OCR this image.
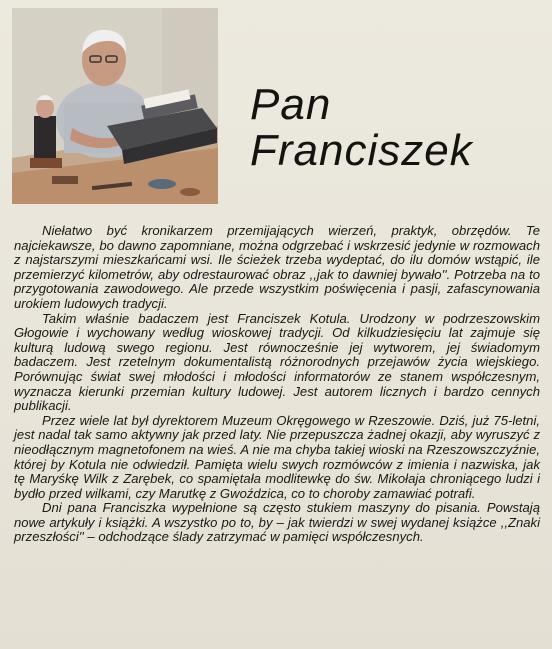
Pan
Franciszek

Niełatwo być kronikarzem przemijających wierzeń, praktyk, obrzędów. Te najciekawsze, bo dawno zapomniane, można odgrzebać i wskrzesić jedynie w rozmowach z najstarszymi mieszkańcami wsi. Ile ścieżek trzeba wydeptać, do ilu domów wstąpić, ile przemierzyć kilometrów, aby odrestaurować obraz ,,jak to dawniej bywało''. Potrzeba na to przygotowania zawodowego. Ale przede wszystkim poświęcenia i pasji, zafascynowania urokiem ludowych tradycji.

Takim właśnie badaczem jest Franciszek Kotula. Urodzony w podrzeszowskim Głogowie i wychowany według wioskowej tradycji. Od kilkudziesięciu lat zajmuje się kulturą ludową swego regionu. Jest równocześnie jej wytworem, jej świadomym badaczem. Jest rzetelnym dokumentalistą różnorodnych przejawów życia wiejskiego. Porównując świat swej młodości i młodości informatorów ze stanem współczesnym, wyznacza kierunki przemian kultury ludowej. Jest autorem licznych i bardzo cennych publikacji.

Przez wiele lat był dyrektorem Muzeum Okręgowego w Rzeszowie. Dziś, już 75-letni, jest nadal tak samo aktywny jak przed laty. Nie przepuszcza żadnej okazji, aby wyruszyć z nieodłącznym magnetofonem na wieś. A nie ma chyba takiej wioski na Rzeszowszczyźnie, której by Kotula nie odwiedził. Pamięta wielu swych rozmówców z imienia i nazwiska, jak tę Maryśkę Wilk z Zarębek, co spamiętała modlitewkę do św. Mikołaja chroniącego ludzi i bydło przed wilkami, czy Marutkę z Gwoździca, co to choroby zamawiać potrafi.

Dni pana Franciszka wypełnione są często stukiem maszyny do pisania. Powstają nowe artykuły i książki. A wszystko po to, by – jak twierdzi w swej wydanej książce ,,Znaki przeszłości'' – odchodzące ślady zatrzymać w pamięci współczesnych.
